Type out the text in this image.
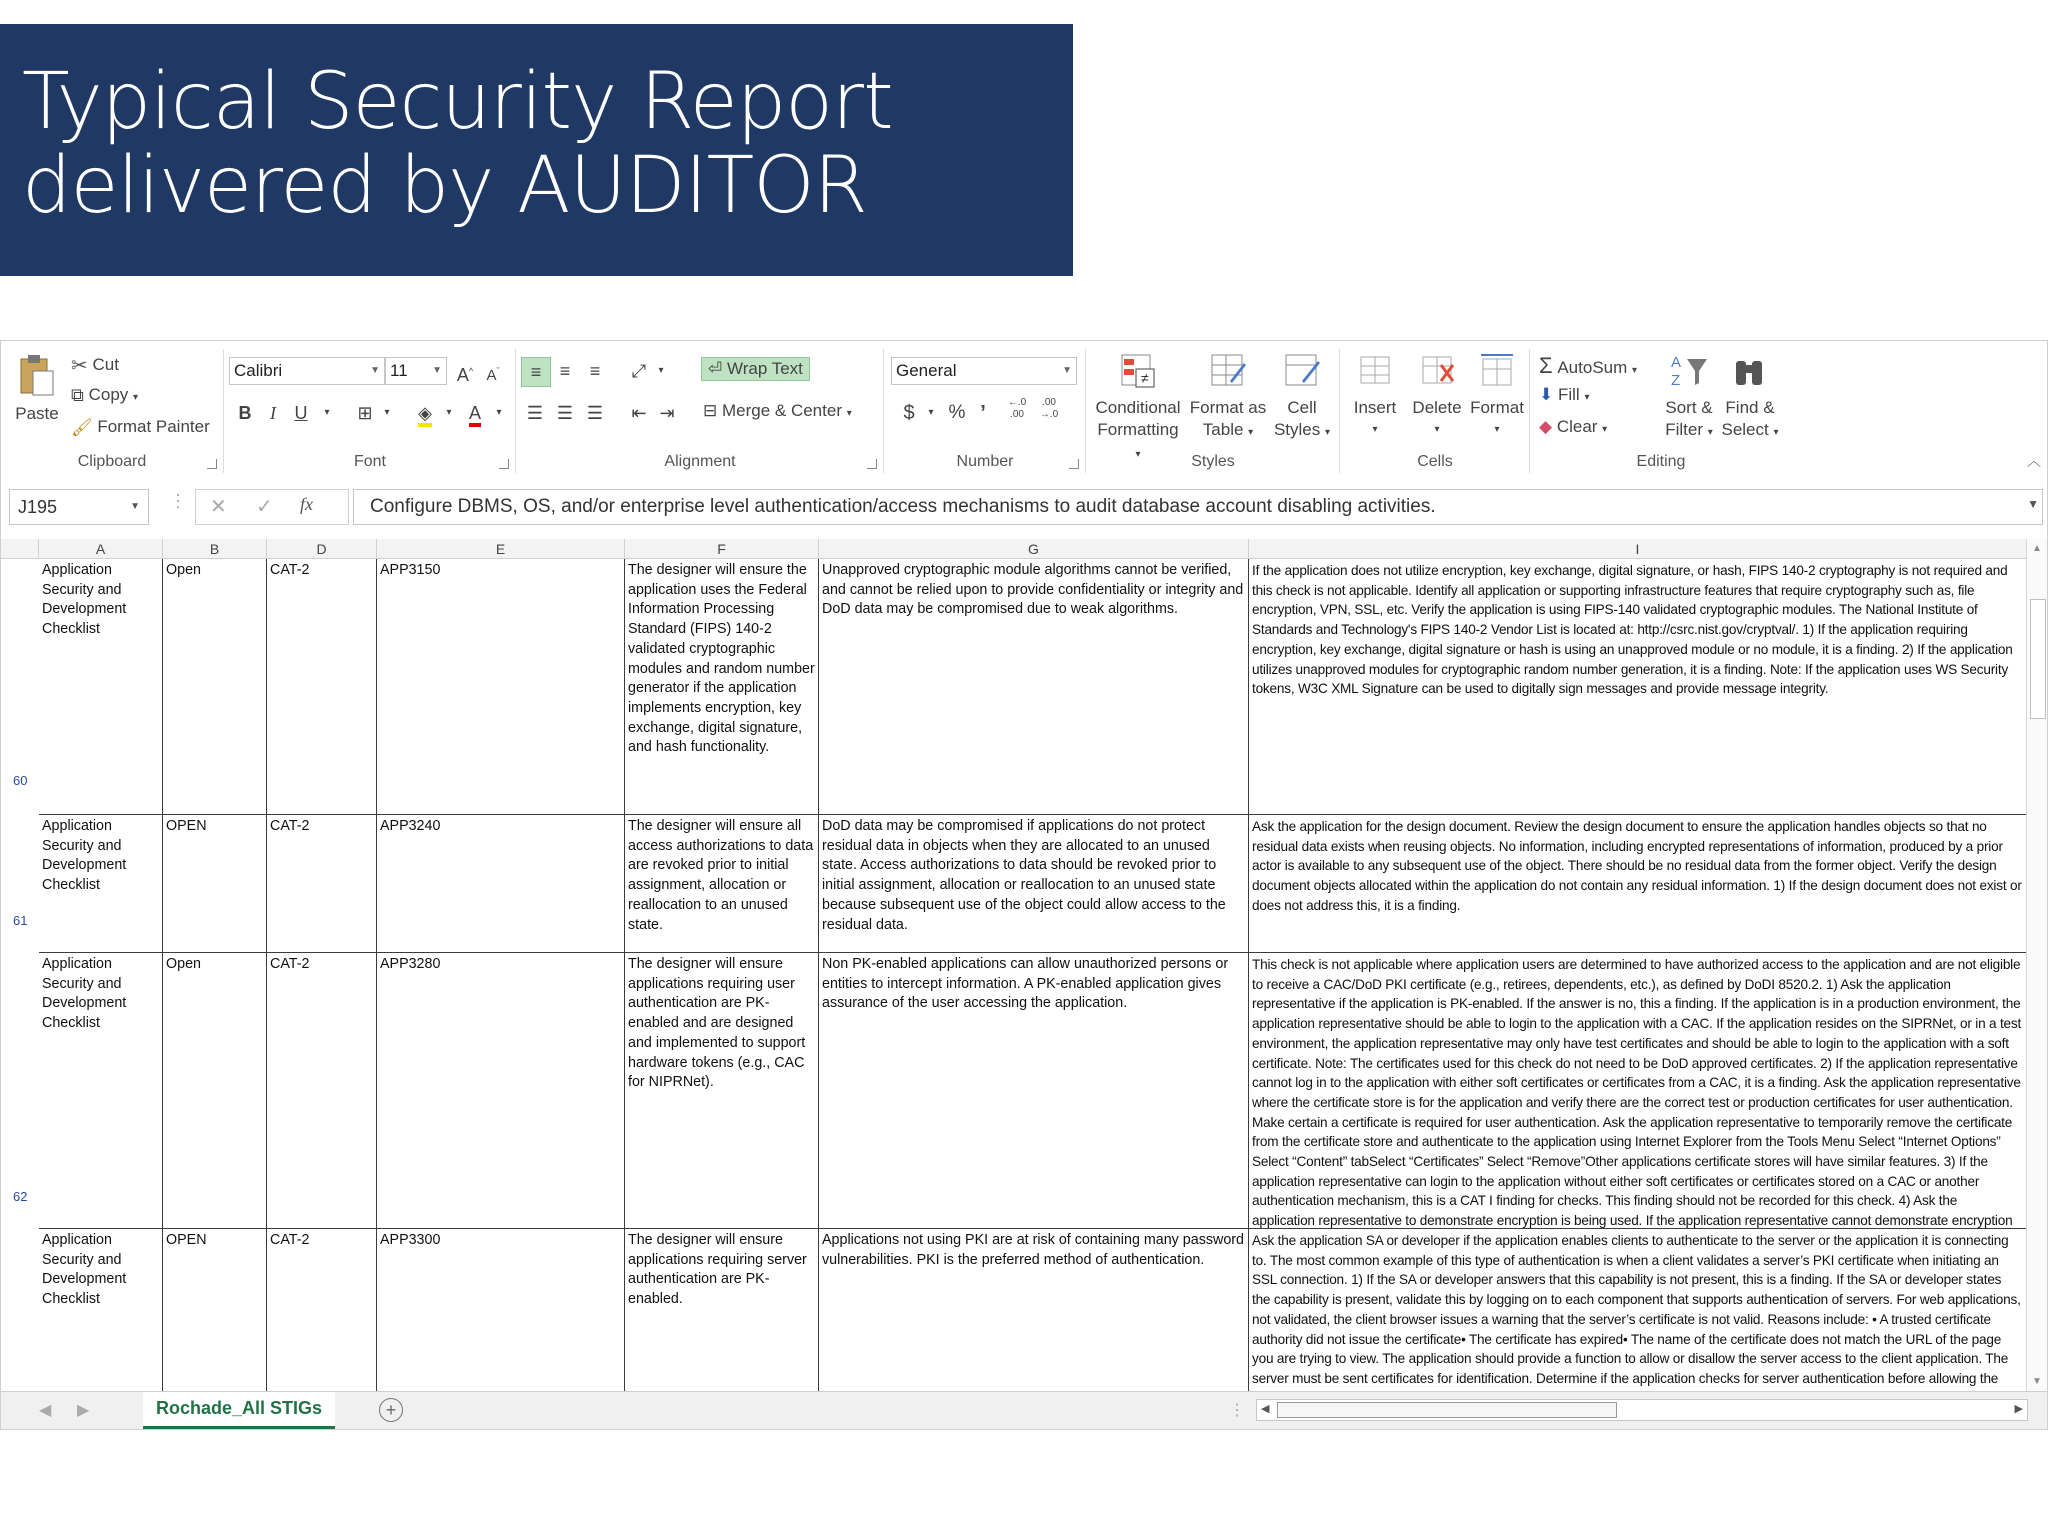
Typical Security Report
delivered by AUDITOR
Paste
✂ Cut
⧉ Copy ▾
🖌 Format Painter
Clipboard
Calibri	▼ 11 ▼ A^ $A^ˇ$
B	I	U	▾	⊞	▾	◈	▾ A	▾
Font
≡	≡	≡	⤢	▾	⏎ Wrap Text
☰ ☰ ☰	⇤ ⇥	⊟ Merge & Center ▾
Alignment
General	▼
$	▾ % ’	←.0
.00
.00
→.0
Number
≠
Conditional
Formatting ▾
Format as
Table ▾
Cell
Styles ▾
Styles
Insert
▾
Delete
▾
Format
▾
Cells
Σ AutoSum ▾
⬇ Fill ▾
◆ Clear ▾
A
Z
Sort &
Filter ▾
Find &
Select ▾
Editing	︿
J195	▼ ⋮ ✕ ✓ fx	Configure DBMS, OS, and/or enterprise level authentication/access mechanisms to audit database account disabling activities.	▼
A	B	D	E	F	G	I
60
Application Security and Development Checklist
Open	CAT-2	APP3150	The designer will ensure the application uses the Federal Information Processing Standard (FIPS) 140-2 validated cryptographic modules and random number generator if the application implements encryption, key exchange, digital signature, and hash functionality.
Unapproved cryptographic module algorithms cannot be verified, and cannot be relied upon to provide confidentiality or integrity and DoD data may be compromised due to weak algorithms.
If the application does not utilize encryption, key exchange, digital signature, or hash, FIPS 140-2 cryptography is not required and this check is not applicable. Identify all application or supporting infrastructure features that require cryptography such as, file encryption, VPN, SSL, etc. Verify the application is using FIPS-140 validated cryptographic modules. The National Institute of Standards and Technology's FIPS 140-2 Vendor List is located at: http://csrc.nist.gov/cryptval/. 1) If the application requiring encryption, key exchange, digital signature or hash is using an unapproved module or no module, it is a finding. 2) If the application utilizes unapproved modules for cryptographic random number generation, it is a finding. Note: If the application uses WS Security tokens, W3C XML Signature can be used to digitally sign messages and provide message integrity.
61
Application Security and Development Checklist
OPEN	CAT-2	APP3240	The designer will ensure all access authorizations to data are revoked prior to initial assignment, allocation or reallocation to an unused state.
DoD data may be compromised if applications do not protect residual data in objects when they are allocated to an unused state. Access authorizations to data should be revoked prior to initial assignment, allocation or reallocation to an unused state because subsequent use of the object could allow access to the residual data.
Ask the application for the design document. Review the design document to ensure the application handles objects so that no residual data exists when reusing objects. No information, including encrypted representations of information, produced by a prior actor is available to any subsequent use of the object. There should be no residual data from the former object. Verify the design document objects allocated within the application do not contain any residual information. 1) If the design document does not exist or does not address this, it is a finding.
62
Application Security and Development Checklist
Open	CAT-2	APP3280	The designer will ensure applications requiring user authentication are PK-enabled and are designed and implemented to support hardware tokens (e.g., CAC for NIPRNet).
Non PK-enabled applications can allow unauthorized persons or entities to intercept information. A PK-enabled application gives assurance of the user accessing the application.
This check is not applicable where application users are determined to have authorized access to the application and are not eligible to receive a CAC/DoD PKI certificate (e.g., retirees, dependents, etc.), as defined by DoDI 8520.2. 1) Ask the application representative if the application is PK-enabled. If the answer is no, this a finding. If the application is in a production environment, the application representative should be able to login to the application with a CAC. If the application resides on the SIPRNet, or in a test environment, the application representative may only have test certificates and should be able to login to the application with a soft certificate. Note: The certificates used for this check do not need to be DoD approved certificates. 2) If the application representative cannot log in to the application with either soft certificates or certificates from a CAC, it is a finding. Ask the application representative where the certificate store is for the application and verify there are the correct test or production certificates for user authentication. Make certain a certificate is required for user authentication. Ask the application representative to temporarily remove the certificate from the certificate store and authenticate to the application using Internet Explorer from the Tools Menu Select “Internet Options” Select “Content” tabSelect “Certificates” Select “Remove”Other applications certificate stores will have similar features. 3) If the application representative can login to the application without either soft certificates or certificates stored on a CAC or another authentication mechanism, this is a CAT I finding for checks. This finding should not be recorded for this check. 4) Ask the application representative to demonstrate encryption is being used. If the application representative cannot demonstrate encryption
Application Security and Development Checklist
OPEN	CAT-2	APP3300	The designer will ensure applications requiring server authentication are PK-enabled.
Applications not using PKI are at risk of containing many password vulnerabilities. PKI is the preferred method of authentication.
Ask the application SA or developer if the application enables clients to authenticate to the server or the application it is connecting to. The most common example of this type of authentication is when a client validates a server’s PKI certificate when initiating an SSL connection. 1) If the SA or developer answers that this capability is not present, this is a finding. If the SA or developer states the capability is present, validate this by logging on to each component that supports authentication of servers. For web applications, not validated, the client browser issues a warning that the server’s certificate is not valid. Reasons include: • A trusted certificate authority did not issue the certificate• The certificate has expired• The name of the certificate does not match the URL of the page you are trying to view. The application should provide a function to allow or disallow the server access to the client application. The server must be sent certificates for identification. Determine if the application checks for server authentication before allowing the
▲
▼
◀ ▶	Rochade_All STIGs	+	⋮ ◀	▶
